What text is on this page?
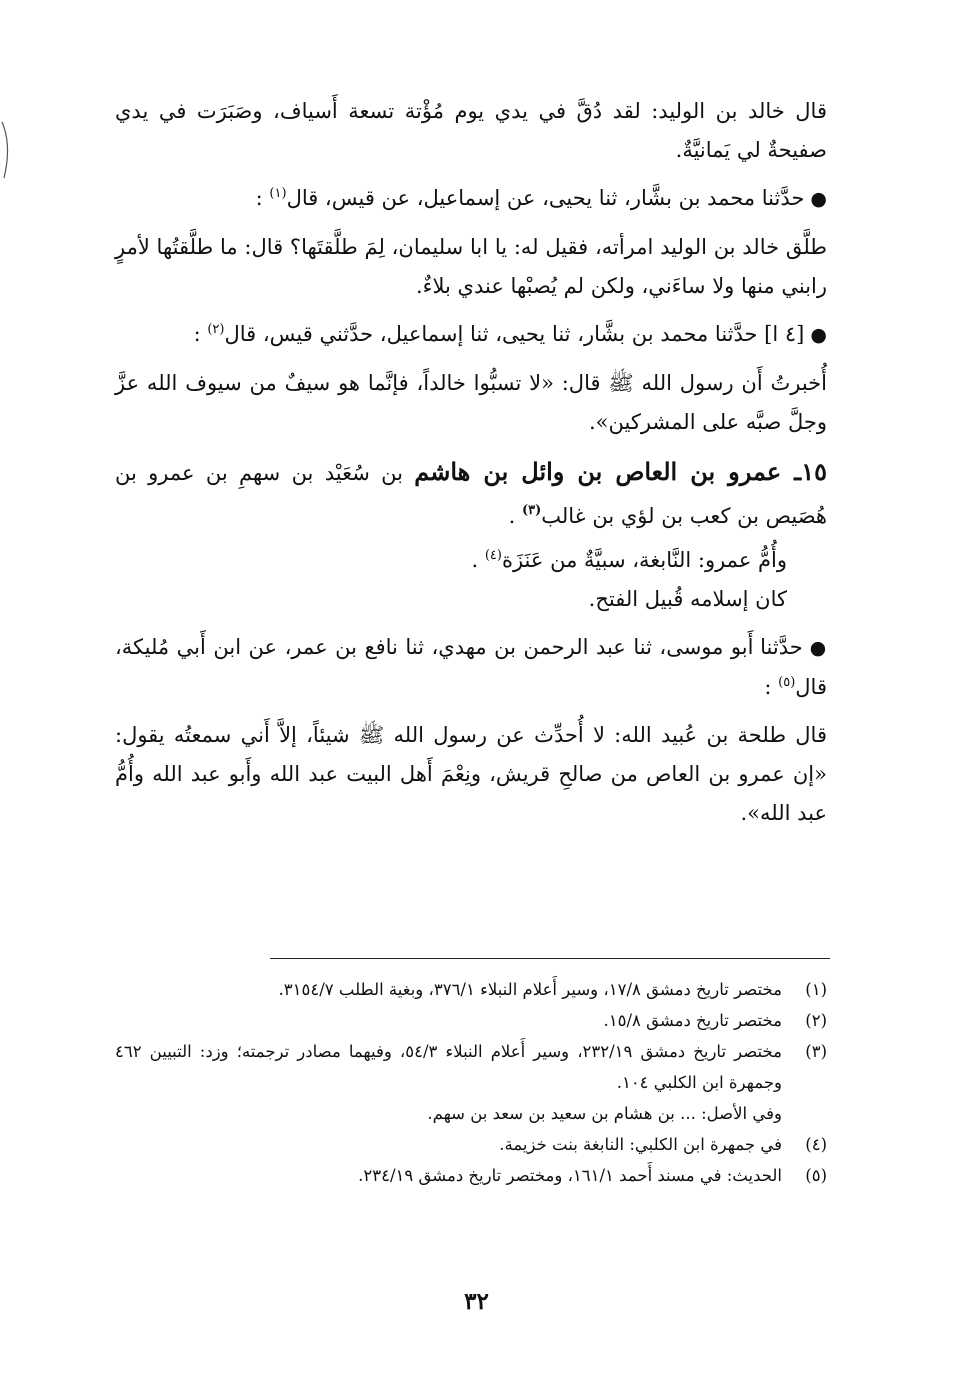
قال خالد بن الوليد: لقد دُقَّ في يدي يوم مُؤْتة تسعة أَسياف، وصَبَرَت في يدي صفيحةٌ لي يَمانيَّةٌ.

● حدَّثنا محمد بن بشَّار، ثنا يحيى، عن إسماعيل، عن قيس، قال$^{(١)}$ :

طلَّق خالد بن الوليد امرأته، فقيل له: يا ابا سليمان، لِمَ طلَّقتَها؟ قال: ما طلَّقتُها لأمرٍ رابني منها ولا ساءَني، ولكن لم يُصبْها عندي بلاءٌ.

● [٤ ا] حدَّثنا محمد بن بشَّار، ثنا يحيى، ثنا إسماعيل، حدَّثني قيس، قال$^{(٢)}$ :

أُخبرتُ أَن رسول الله ﷺ قال: «لا تسبُّوا خالداً، فإنَّما هو سيفٌ من سيوف الله عزَّ وجلَّ صبَّه على المشركين».

١٥ـ عمرو بن العاص بن وائل بن هاشم بن سُعَيْد بن سهمِ بن عمرو بن هُصَيص بن كعب بن لؤي بن غالب$^{(٣)}$ .

وأُمُّ عمرو: النَّابغة، سبيَّةٌ من عَنَزَة$^{(٤)}$ .

كان إسلامه قُبيل الفتح.

● حدَّثنا أَبو موسى، ثنا عبد الرحمن بن مهدي، ثنا نافع بن عمر، عن ابن أَبي مُليكة، قال$^{(٥)}$ :

قال طلحة بن عُبيد الله: لا أُحدِّث عن رسول الله ﷺ شيئاً، إلاَّ أَني سمعتُه يقول: «إن عمرو بن العاص من صالحِ قريش، ونِعْمَ أَهل البيت عبد الله وأَبو عبد الله وأُمُّ عبد الله».

(١)
مختصر تاريخ دمشق ١٧/٨، وسير أَعلام النبلاء ٣٧٦/١، وبغية الطلب ٣١٥٤/٧.
(٢)
مختصر تاريخ دمشق ١٥/٨.
(٣)
مختصر تاريخ دمشق ٢٣٢/١٩، وسير أَعلام النبلاء ٥٤/٣، وفيهما مصادر ترجمته؛ وزد: التبيين ٤٦٢ وجمهرة ابن الكلبي ١٠٤.
وفي الأصل: ... بن هشام بن سعيد بن سعد بن سهم.
(٤)
في جمهرة ابن الكلبي: النابغة بنت خزيمة.
(٥)
الحديث: في مسند أَحمد ١٦١/١، ومختصر تاريخ دمشق ٢٣٤/١٩.
٣٢
